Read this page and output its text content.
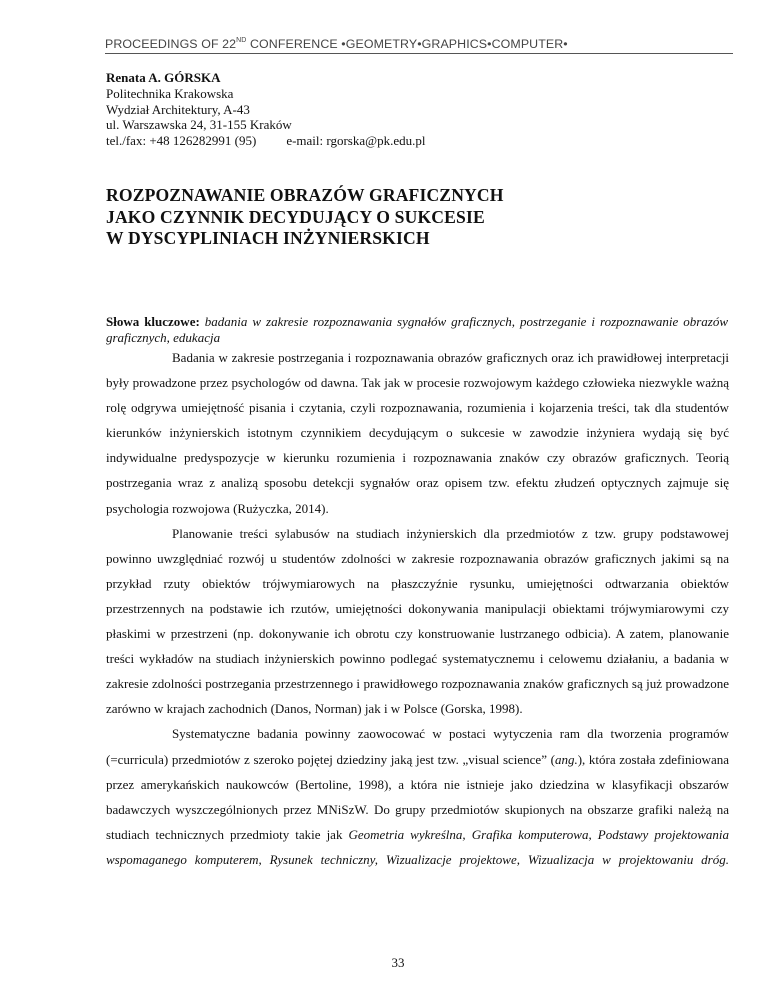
PROCEEDINGS OF 22ND CONFERENCE •GEOMETRY•GRAPHICS•COMPUTER•
Renata A. GÓRSKA
Politechnika Krakowska
Wydział Architektury, A-43
ul. Warszawska 24, 31-155 Kraków
tel./fax: +48 126282991 (95) e-mail: rgorska@pk.edu.pl
ROZPOZNAWANIE OBRAZÓW GRAFICZNYCH
JAKO CZYNNIK DECYDUJĄCY O SUKCESIE
W DYSCYPLINIACH INŻYNIERSKICH
Słowa kluczowe: badania w zakresie rozpoznawania sygnałów graficznych, postrzeganie i rozpoznawanie obrazów graficznych, edukacja

Badania w zakresie postrzegania i rozpoznawania obrazów graficznych oraz ich prawidłowej interpretacji były prowadzone przez psychologów od dawna. Tak jak w procesie rozwojowym każdego człowieka niezwykle ważną rolę odgrywa umiejętność pisania i czytania, czyli rozpoznawania, rozumienia i kojarzenia treści, tak dla studentów kierunków inżynierskich istotnym czynnikiem decydującym o sukcesie w zawodzie inżyniera wydają się być indywidualne predyspozycje w kierunku rozumienia i rozpoznawania znaków czy obrazów graficznych. Teorią postrzegania wraz z analizą sposobu detekcji sygnałów oraz opisem tzw. efektu złudzeń optycznych zajmuje się psychologia rozwojowa (Rużyczka, 2014).

Planowanie treści sylabusów na studiach inżynierskich dla przedmiotów z tzw. grupy podstawowej powinno uwzględniać rozwój u studentów zdolności w zakresie rozpoznawania obrazów graficznych jakimi są na przykład rzuty obiektów trójwymiarowych na płaszczyźnie rysunku, umiejętności odtwarzania obiektów przestrzennych na podstawie ich rzutów, umiejętności dokonywania manipulacji obiektami trójwymiarowymi czy płaskimi w przestrzeni (np. dokonywanie ich obrotu czy konstruowanie lustrzanego odbicia). A zatem, planowanie treści wykładów na studiach inżynierskich powinno podlegać systematycznemu i celowemu działaniu, a badania w zakresie zdolności postrzegania przestrzennego i prawidłowego rozpoznawania znaków graficznych są już prowadzone zarówno w krajach zachodnich (Danos, Norman) jak i w Polsce (Gorska, 1998).

Systematyczne badania powinny zaowocować w postaci wytyczenia ram dla tworzenia programów (=curricula) przedmiotów z szeroko pojętej dziedziny jaką jest tzw. „visual science” (ang.), która została zdefiniowana przez amerykańskich naukowców (Bertoline, 1998), a która nie istnieje jako dziedzina w klasyfikacji obszarów badawczych wyszczególnionych przez MNiSzW. Do grupy przedmiotów skupionych na obszarze grafiki należą na studiach technicznych przedmioty takie jak Geometria wykreślna, Grafika komputerowa, Podstawy projektowania wspomaganego komputerem, Rysunek techniczny, Wizualizacje projektowe, Wizualizacja w projektowaniu dróg.

33
